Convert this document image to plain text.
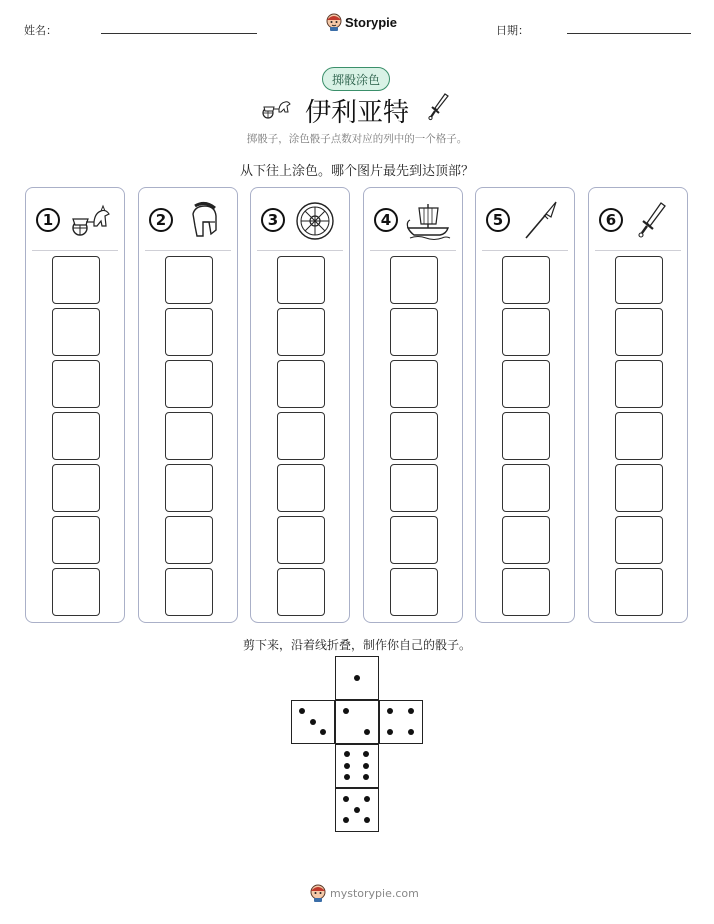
姓名：
Storypie
日期：
掷骰涂色
伊利亚特
掷骰子，涂色骰子点数对应的列中的一个格子。
从下往上涂色。哪个图片最先到达顶部？
1	2	3	4	5	6
剪下来，沿着线折叠，制作你自己的骰子。
mystorypie.com
